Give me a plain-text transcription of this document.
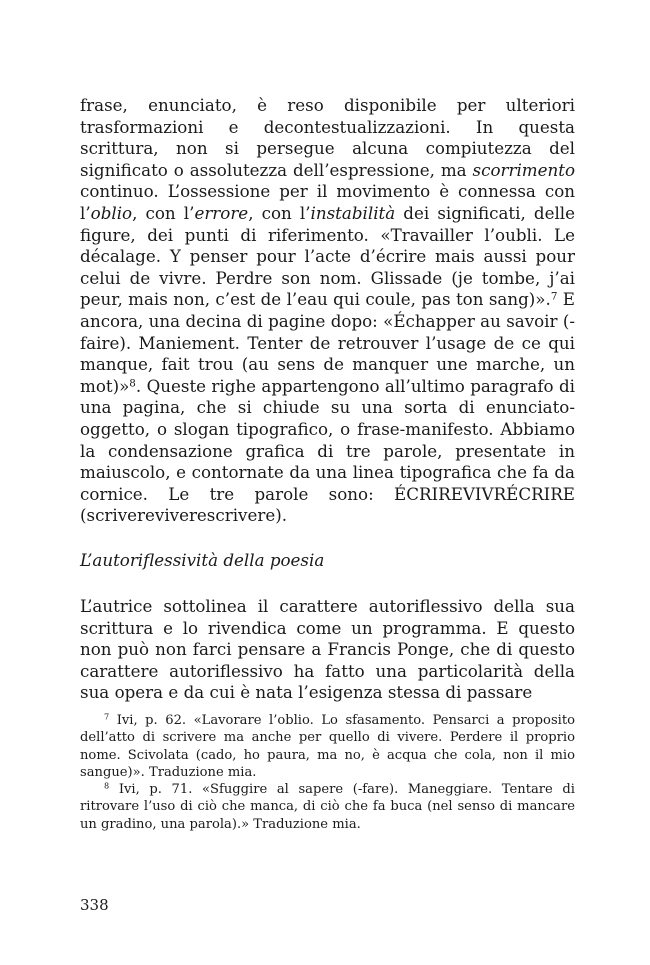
frase, enunciato, è reso disponibile per ulteriori trasformazioni e decontestualizzazioni. In questa scrittura, non si persegue alcuna compiutezza del significato o assolutezza dell’espressione, ma scorrimento continuo. L’ossessione per il movimento è connessa con l’oblio, con l’errore, con l’instabilità dei significati, delle figure, dei punti di riferimento. «Travailler l’oubli. Le décalage. Y penser pour l’acte d’écrire mais aussi pour celui de vivre. Perdre son nom. Glissade (je tombe, j’ai peur, mais non, c’est de l’eau qui coule, pas ton sang)».$^7$ E ancora, una decina di pagine dopo: «Échapper au savoir (-faire). Maniement. Tenter de retrouver l’usage de ce qui manque, fait trou (au sens de manquer une marche, un mot)»$^8$. Queste righe appartengono all’ultimo paragrafo di una pagina, che si chiude su una sorta di enunciato-oggetto, o slogan tipografico, o frase-manifesto. Abbiamo la condensazione grafica di tre parole, presentate in maiuscolo, e contornate da una linea tipografica che fa da cornice. Le tre parole sono: ÉCRIREVIVRÉCRIRE (scrivereviverescrivere).

L’autoriflessività della poesia
L’autrice sottolinea il carattere autoriflessivo della sua scrittura e lo rivendica come un programma. E questo non può non farci pensare a Francis Ponge, che di questo carattere autoriflessivo ha fatto una particolarità della sua opera e da cui è nata l’esigenza stessa di passare

$^7$ Ivi, p. 62. «Lavorare l’oblio. Lo sfasamento. Pensarci a proposito dell’atto di scrivere ma anche per quello di vivere. Perdere il proprio nome. Scivolata (cado, ho paura, ma no, è acqua che cola, non il mio sangue)». Traduzione mia.

$^8$ Ivi, p. 71. «Sfuggire al sapere (-fare). Maneggiare. Tentare di ritrovare l’uso di ciò che manca, di ciò che fa buca (nel senso di mancare un gradino, una parola).» Traduzione mia.

338
